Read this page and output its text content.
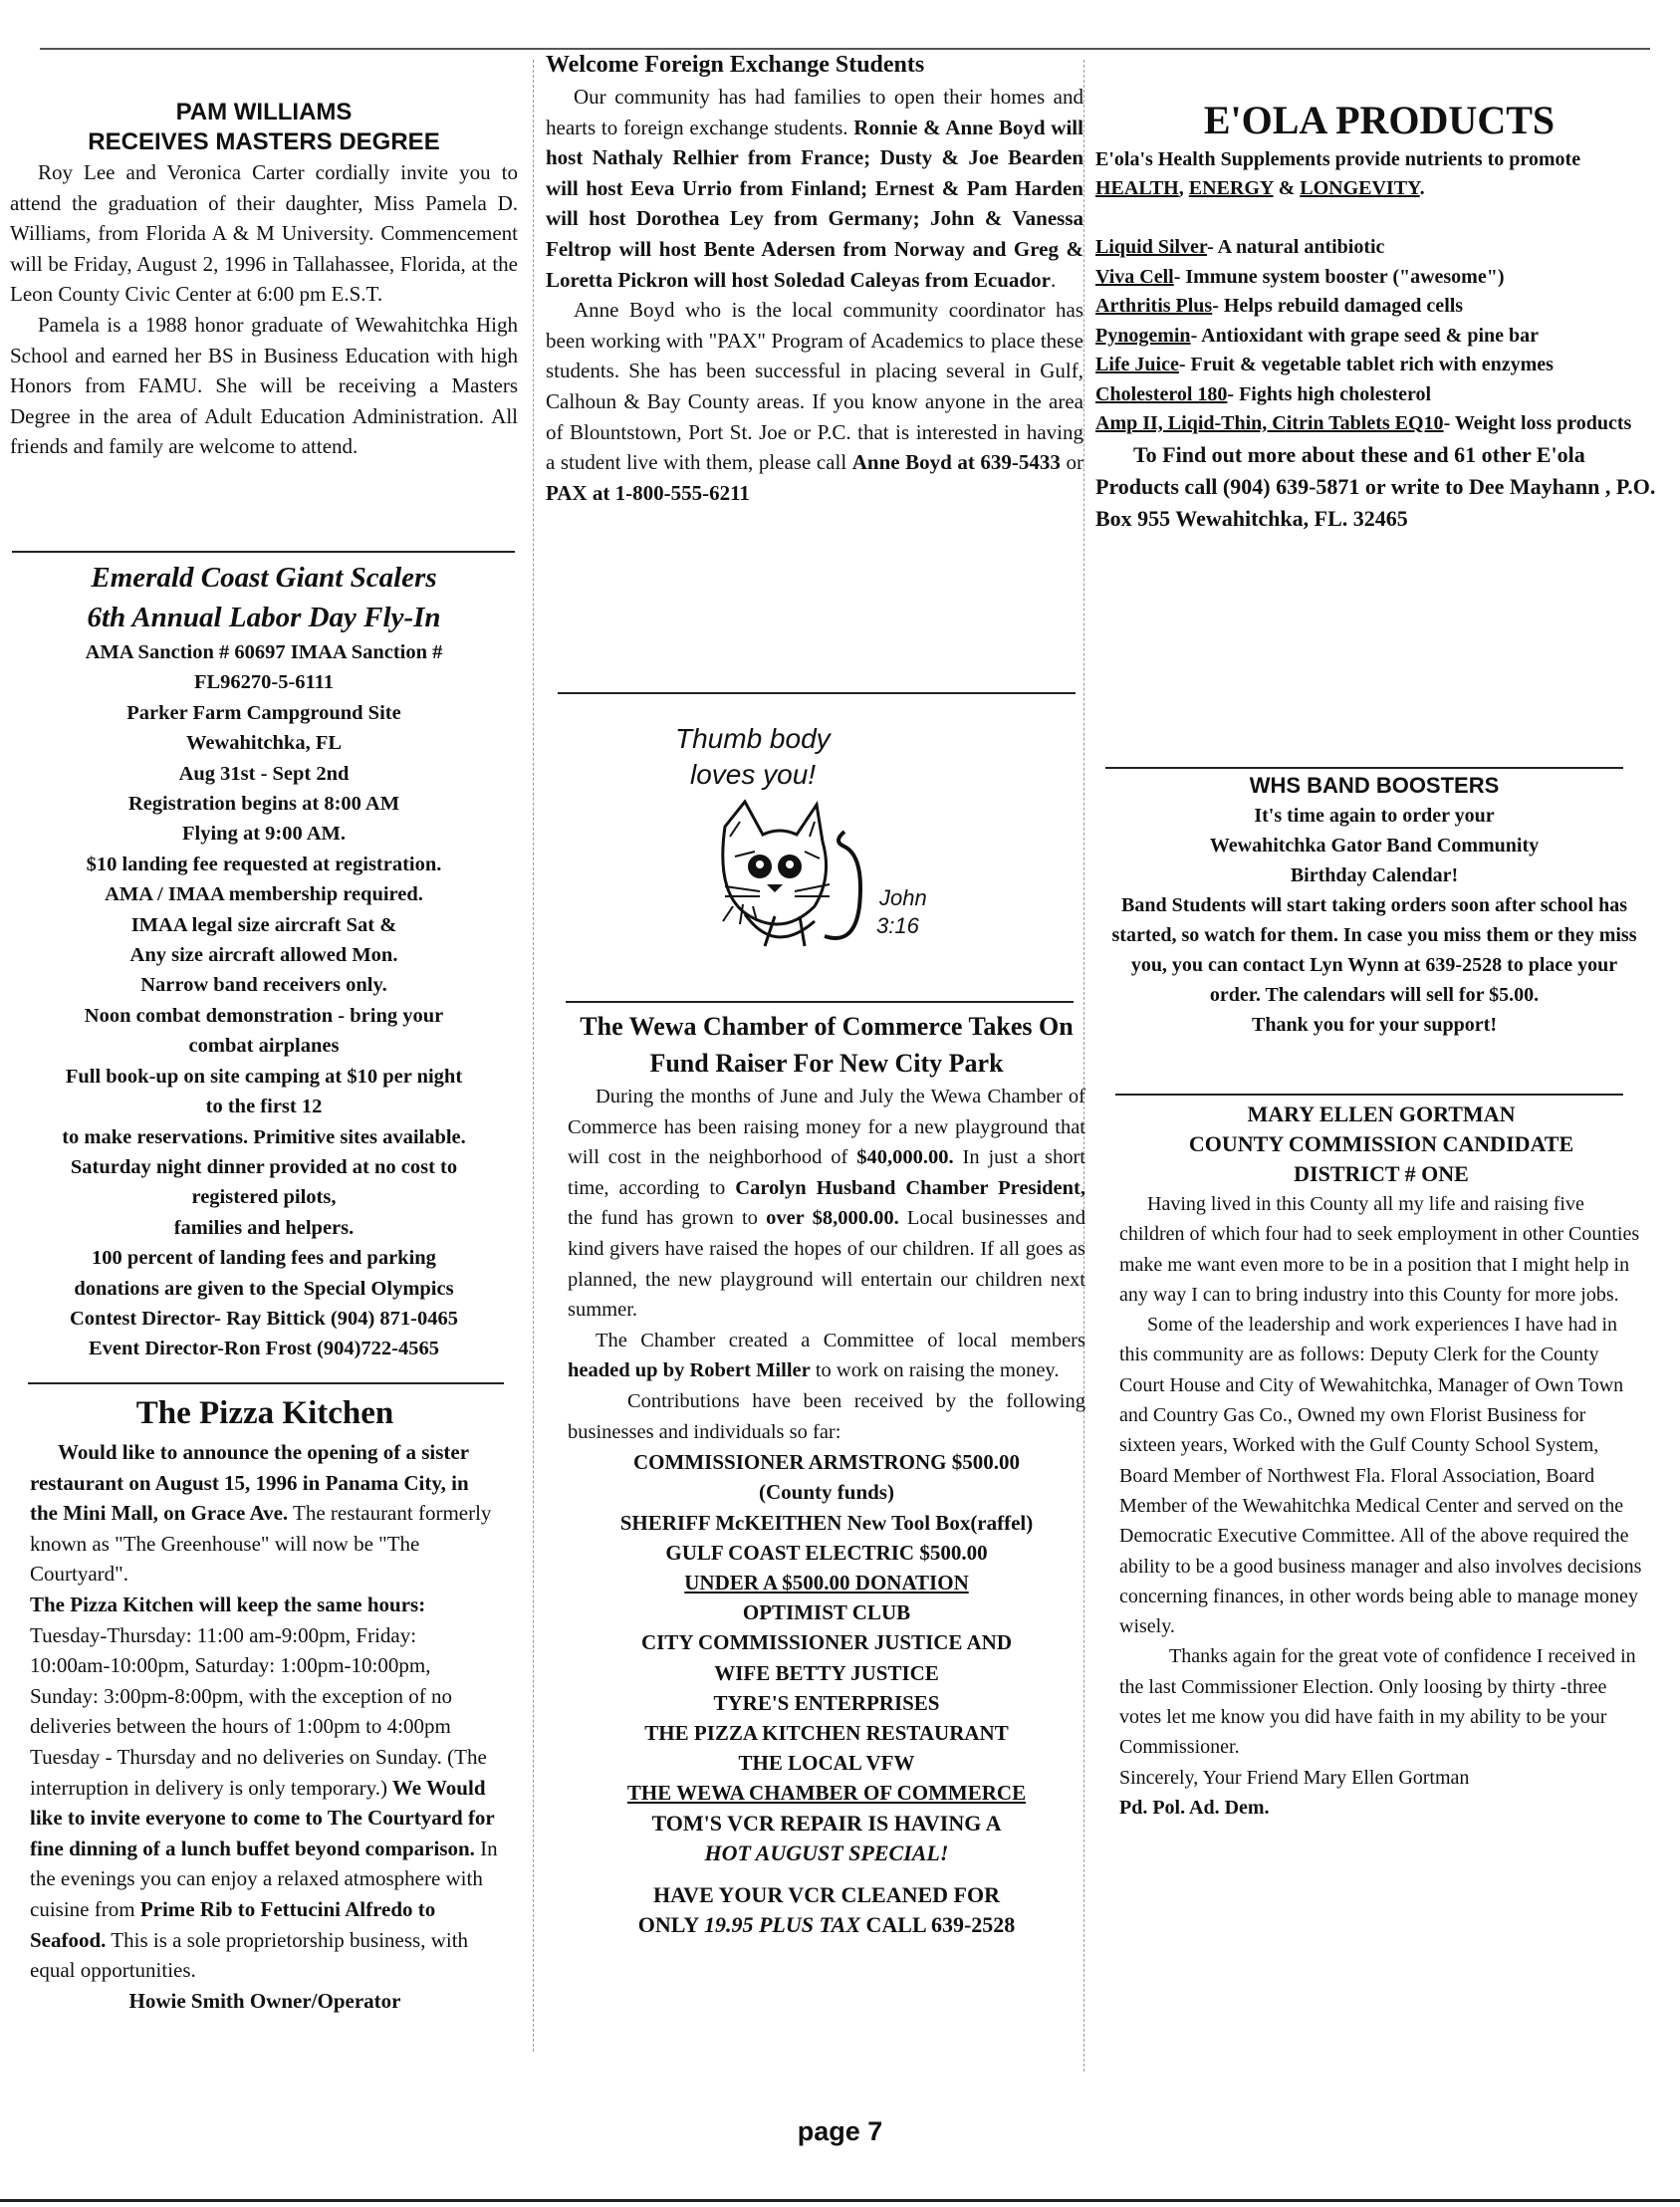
PAM WILLIAMS
RECEIVES MASTERS DEGREE

Roy Lee and Veronica Carter cordially invite you to attend the graduation of their daughter, Miss Pamela D. Williams, from Florida A & M University. Commencement will be Friday, August 2, 1996 in Tallahassee, Florida, at the Leon County Civic Center at 6:00 pm E.S.T.

Pamela is a 1988 honor graduate of Wewahitchka High School and earned her BS in Business Education with high Honors from FAMU. She will be receiving a Masters Degree in the area of Adult Education Administration. All friends and family are welcome to attend.

Emerald Coast Giant Scalers
6th Annual Labor Day Fly-In

AMA Sanction # 60697 IMAA Sanction #

FL96270-5-6111

Parker Farm Campground Site

Wewahitchka, FL

Aug 31st - Sept 2nd

Registration begins at 8:00 AM

Flying at 9:00 AM.

$10 landing fee requested at registration.

AMA / IMAA membership required.

IMAA legal size aircraft Sat &

Any size aircraft allowed Mon.

Narrow band receivers only.

Noon combat demonstration - bring your

combat airplanes

Full book-up on site camping at $10 per night

to the first 12

to make reservations. Primitive sites available.

Saturday night dinner provided at no cost to

registered pilots,

families and helpers.

100 percent of landing fees and parking

donations are given to the Special Olympics

Contest Director- Ray Bittick (904) 871-0465

Event Director-Ron Frost (904)722-4565

The Pizza Kitchen

Would like to announce the opening of a sister restaurant on August 15, 1996 in Panama City, in the Mini Mall, on Grace Ave. The restaurant formerly known as "The Greenhouse" will now be "The Courtyard".
The Pizza Kitchen will keep the same hours: Tuesday-Thursday: 11:00 am-9:00pm, Friday: 10:00am-10:00pm, Saturday: 1:00pm-10:00pm, Sunday: 3:00pm-8:00pm, with the exception of no deliveries between the hours of 1:00pm to 4:00pm Tuesday - Thursday and no deliveries on Sunday. (The interruption in delivery is only temporary.) We Would like to invite everyone to come to The Courtyard for fine dinning of a lunch buffet beyond comparison. In the evenings you can enjoy a relaxed atmosphere with cuisine from Prime Rib to Fettucini Alfredo to Seafood. This is a sole proprietorship business, with equal opportunities.

Howie Smith Owner/Operator

Welcome Foreign Exchange Students

Our community has had families to open their homes and hearts to foreign exchange students. Ronnie & Anne Boyd will host Nathaly Relhier from France; Dusty & Joe Bearden will host Eeva Urrio from Finland; Ernest & Pam Harden will host Dorothea Ley from Germany; John & Vanessa Feltrop will host Bente Adersen from Norway and Greg & Loretta Pickron will host Soledad Caleyas from Ecuador.

Anne Boyd who is the local community coordinator has been working with "PAX" Program of Academics to place these students. She has been successful in placing several in Gulf, Calhoun & Bay County areas. If you know anyone in the area of Blountstown, Port St. Joe or P.C. that is interested in having a student live with them, please call Anne Boyd at 639-5433 or PAX at 1-800-555-6211

Thumb body
loves you!
John
3:16
The Wewa Chamber of Commerce Takes On Fund Raiser For New City Park

During the months of June and July the Wewa Chamber of Commerce has been raising money for a new playground that will cost in the neighborhood of $40,000.00. In just a short time, according to Carolyn Husband Chamber President, the fund has grown to over $8,000.00. Local businesses and kind givers have raised the hopes of our children. If all goes as planned, the new playground will entertain our children next summer.

The Chamber created a Committee of local members headed up by Robert Miller to work on raising the money.

Contributions have been received by the following businesses and individuals so far:

COMMISSIONER ARMSTRONG $500.00

(County funds)

SHERIFF McKEITHEN New Tool Box(raffel)

GULF COAST ELECTRIC $500.00

UNDER A $500.00 DONATION

OPTIMIST CLUB

CITY COMMISSIONER JUSTICE AND

WIFE BETTY JUSTICE

TYRE'S ENTERPRISES

THE PIZZA KITCHEN RESTAURANT

THE LOCAL VFW

THE WEWA CHAMBER OF COMMERCE

TOM'S VCR REPAIR IS HAVING A

HOT AUGUST SPECIAL!

HAVE YOUR VCR CLEANED FOR

ONLY 19.95 PLUS TAX CALL 639-2528

E'OLA PRODUCTS

E'ola's Health Supplements provide nutrients to promote HEALTH, ENERGY & LONGEVITY.

Liquid Silver- A natural antibiotic

Viva Cell- Immune system booster ("awesome")

Arthritis Plus- Helps rebuild damaged cells

Pynogemin- Antioxidant with grape seed & pine bar

Life Juice- Fruit & vegetable tablet rich with enzymes

Cholesterol 180- Fights high cholesterol

Amp II, Liqid-Thin, Citrin Tablets EQ10- Weight loss products

To Find out more about these and 61 other E'ola Products call (904) 639-5871 or write to Dee Mayhann , P.O. Box 955 Wewahitchka, FL. 32465

WHS BAND BOOSTERS

It's time again to order your

Wewahitchka Gator Band Community

Birthday Calendar!

Band Students will start taking orders soon after school has started, so watch for them. In case you miss them or they miss you, you can contact Lyn Wynn at 639-2528 to place your order. The calendars will sell for $5.00.

Thank you for your support!

MARY ELLEN GORTMAN
COUNTY COMMISSION CANDIDATE
DISTRICT # ONE

Having lived in this County all my life and raising five children of which four had to seek employment in other Counties make me want even more to be in a position that I might help in any way I can to bring industry into this County for more jobs.

Some of the leadership and work experiences I have had in this community are as follows: Deputy Clerk for the County Court House and City of Wewahitchka, Manager of Own Town and Country Gas Co., Owned my own Florist Business for sixteen years, Worked with the Gulf County School System, Board Member of Northwest Fla. Floral Association, Board Member of the Wewahitchka Medical Center and served on the Democratic Executive Committee. All of the above required the ability to be a good business manager and also involves decisions concerning finances, in other words being able to manage money wisely.

Thanks again for the great vote of confidence I received in the last Commissioner Election. Only loosing by thirty -three votes let me know you did have faith in my ability to be your Commissioner.

Sincerely, Your Friend Mary Ellen Gortman

Pd. Pol. Ad. Dem.

page 7
